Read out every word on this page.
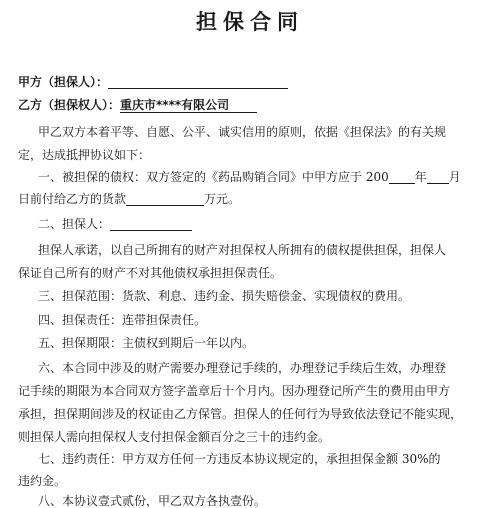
担保合同
甲方（担保人）：
乙方（担保权人）：重庆市****有限公司
甲乙双方本着平等、自愿、公平、诚实信用的原则，依据《担保法》的有关规
定，达成抵押协议如下：
一、被担保的债权：双方签定的《药品购销合同》中甲方应于 200 年 月
日前付给乙方的货款	万元。
二、担保人：
担保人承诺，以自己所拥有的财产对担保权人所拥有的债权提供担保，担保人
保证自己所有的财产不对其他债权承担担保责任。
三、担保范围：货款、利息、违约金、损失赔偿金、实现债权的费用。
四、担保责任：连带担保责任。
五、担保期限：主债权到期后一年以内。
六、本合同中涉及的财产需要办理登记手续的，办理登记手续后生效，办理登
记手续的期限为本合同双方签字盖章后十个月内。因办理登记所产生的费用由甲方
承担，担保期间涉及的权证由乙方保管。担保人的任何行为导致依法登记不能实现，
则担保人需向担保权人支付担保金额百分之三十的违约金。
七、违约责任：甲方双方任何一方违反本协议规定的，承担担保金额 30%的
违约金。
八、本协议壹式贰份，甲乙双方各执壹份。
